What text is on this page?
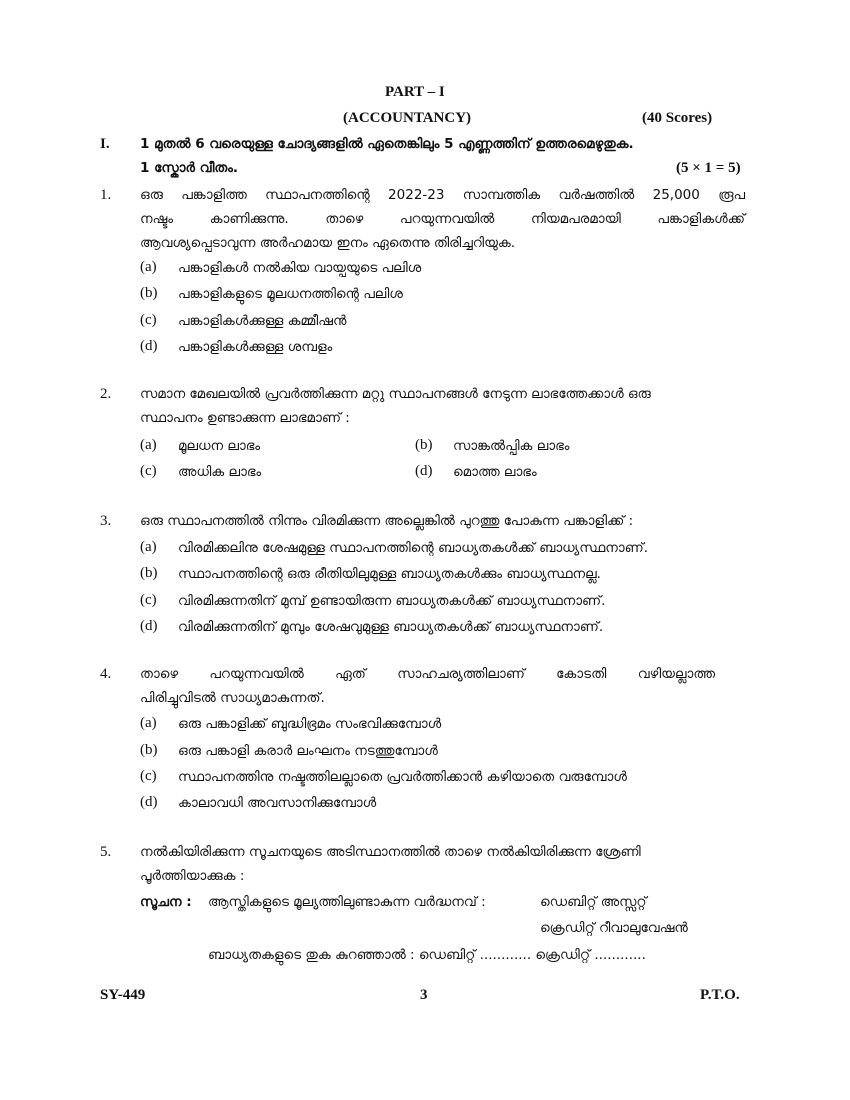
PART – I
(ACCOUNTANCY)	(40 Scores)
I. 1 മുതൽ 6 വരെയുള്ള ചോദ്യങ്ങളിൽ ഏതെങ്കിലും 5 എണ്ണത്തിന് ഉത്തരമെഴുതുക.
1 സ്കോർ വീതം.	(5 × 1 = 5)
1. ഒരു പങ്കാളിത്ത സ്ഥാപനത്തിന്റെ 2022-23 സാമ്പത്തിക വർഷത്തിൽ 25,000 രൂപ
നഷ്ടം കാണിക്കുന്നു. താഴെ പറയുന്നവയിൽ നിയമപരമായി പങ്കാളികൾക്ക്
ആവശ്യപ്പെടാവുന്ന അർഹമായ ഇനം ഏതെന്നു തിരിച്ചറിയുക.
(a) പങ്കാളികൾ നൽകിയ വായ്പയുടെ പലിശ
(b) പങ്കാളികളുടെ മൂലധനത്തിന്റെ പലിശ
(c) പങ്കാളികൾക്കുള്ള കമ്മീഷൻ
(d) പങ്കാളികൾക്കുള്ള ശമ്പളം
2. സമാന മേഖലയിൽ പ്രവർത്തിക്കുന്ന മറ്റു സ്ഥാപനങ്ങൾ നേടുന്ന ലാഭത്തേക്കാൾ ഒരു
സ്ഥാപനം ഉണ്ടാക്കുന്ന ലാഭമാണ് :
(a) മൂലധന ലാഭം	(b) സാങ്കൽപ്പിക ലാഭം
(c) അധിക ലാഭം	(d) മൊത്ത ലാഭം
3. ഒരു സ്ഥാപനത്തിൽ നിന്നും വിരമിക്കുന്ന അല്ലെങ്കിൽ പുറത്തു പോകുന്ന പങ്കാളിക്ക് :
(a) വിരമിക്കലിനു ശേഷമുള്ള സ്ഥാപനത്തിന്റെ ബാധ്യതകൾക്ക് ബാധ്യസ്ഥനാണ്.
(b) സ്ഥാപനത്തിന്റെ ഒരു രീതിയിലുമുള്ള ബാധ്യതകൾക്കും ബാധ്യസ്ഥനല്ല.
(c) വിരമിക്കുന്നതിന് മുമ്പ് ഉണ്ടായിരുന്ന ബാധ്യതകൾക്ക് ബാധ്യസ്ഥനാണ്.
(d) വിരമിക്കുന്നതിന് മുമ്പും ശേഷവുമുള്ള ബാധ്യതകൾക്ക് ബാധ്യസ്ഥനാണ്.
4. താഴെ പറയുന്നവയിൽ ഏത് സാഹചര്യത്തിലാണ് കോടതി വഴിയല്ലാത്ത
പിരിച്ചുവിടൽ സാധ്യമാകുന്നത്.
(a) ഒരു പങ്കാളിക്ക് ബുദ്ധിഭ്രമം സംഭവിക്കുമ്പോൾ
(b) ഒരു പങ്കാളി കരാർ ലംഘനം നടത്തുമ്പോൾ
(c) സ്ഥാപനത്തിനു നഷ്ടത്തിലല്ലാതെ പ്രവർത്തിക്കാൻ കഴിയാതെ വരുമ്പോൾ
(d) കാലാവധി അവസാനിക്കുമ്പോൾ
5. നൽകിയിരിക്കുന്ന സൂചനയുടെ അടിസ്ഥാനത്തിൽ താഴെ നൽകിയിരിക്കുന്ന ശ്രേണി
പൂർത്തിയാക്കുക :
സൂചന : ആസ്തികളുടെ മൂല്യത്തിലുണ്ടാകുന്ന വർദ്ധനവ് :	ഡെബിറ്റ് അസ്സറ്റ്
ക്രെഡിറ്റ് റീവാലുവേഷൻ
ബാധ്യതകളുടെ തുക കുറഞ്ഞാൽ : ഡെബിറ്റ് ............ ക്രെഡിറ്റ് ............
SY-449	3	P.T.O.
